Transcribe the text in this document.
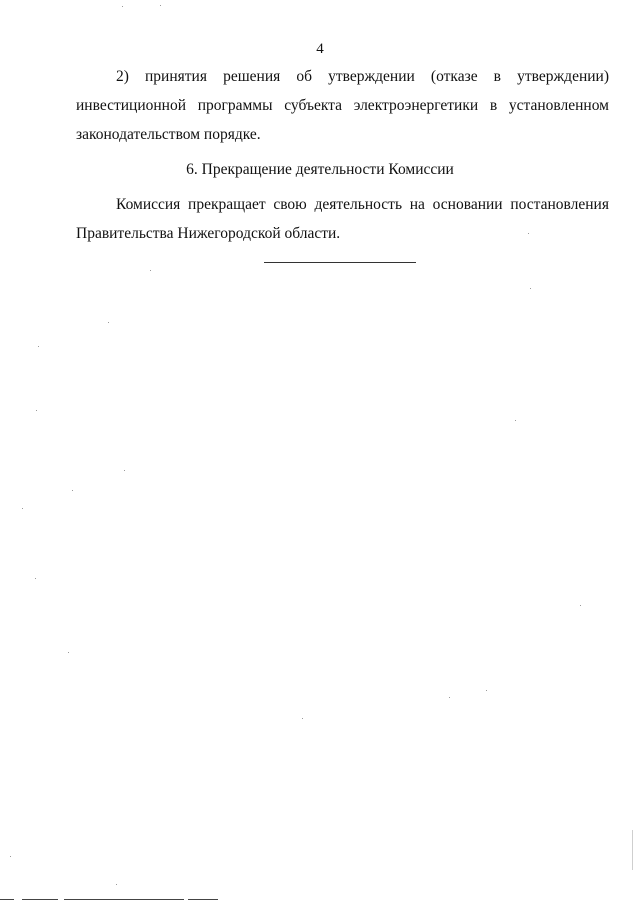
4
2) принятия решения об утверждении (отказе в утверждении) инвестиционной программы субъекта электроэнергетики в установленном законодательством порядке.
6. Прекращение деятельности Комиссии
Комиссия прекращает свою деятельность на основании постановления Правительства Нижегородской области.
